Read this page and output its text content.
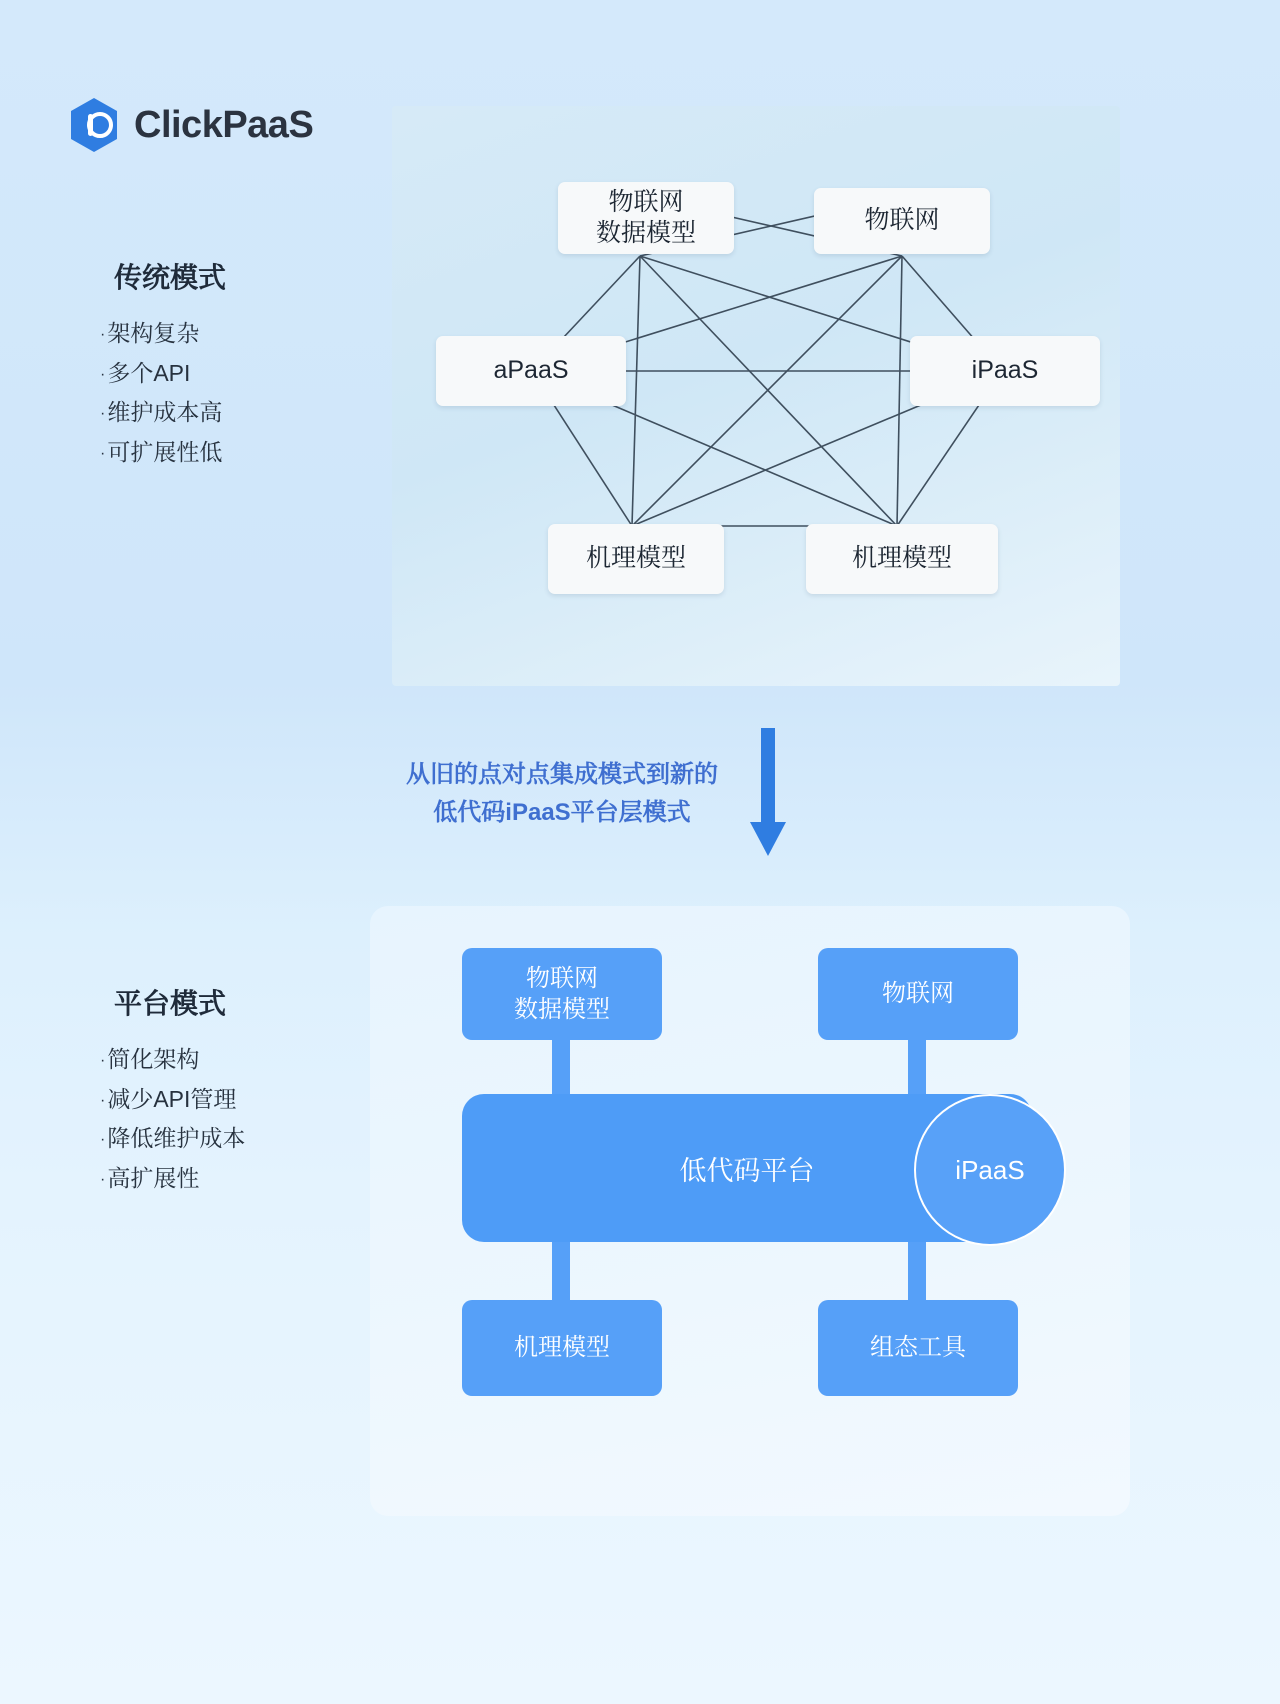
ClickPaaS
传统模式
·架构复杂
·多个API
·维护成本高
·可扩展性低
物联网
数据模型	物联网
aPaaS	iPaaS
机理模型	机理模型
从旧的点对点集成模式到新的
低代码iPaaS平台层模式
平台模式
·简化架构
·减少API管理
·降低维护成本
·高扩展性
物联网
数据模型
物联网
低代码平台	iPaaS
机理模型	组态工具
